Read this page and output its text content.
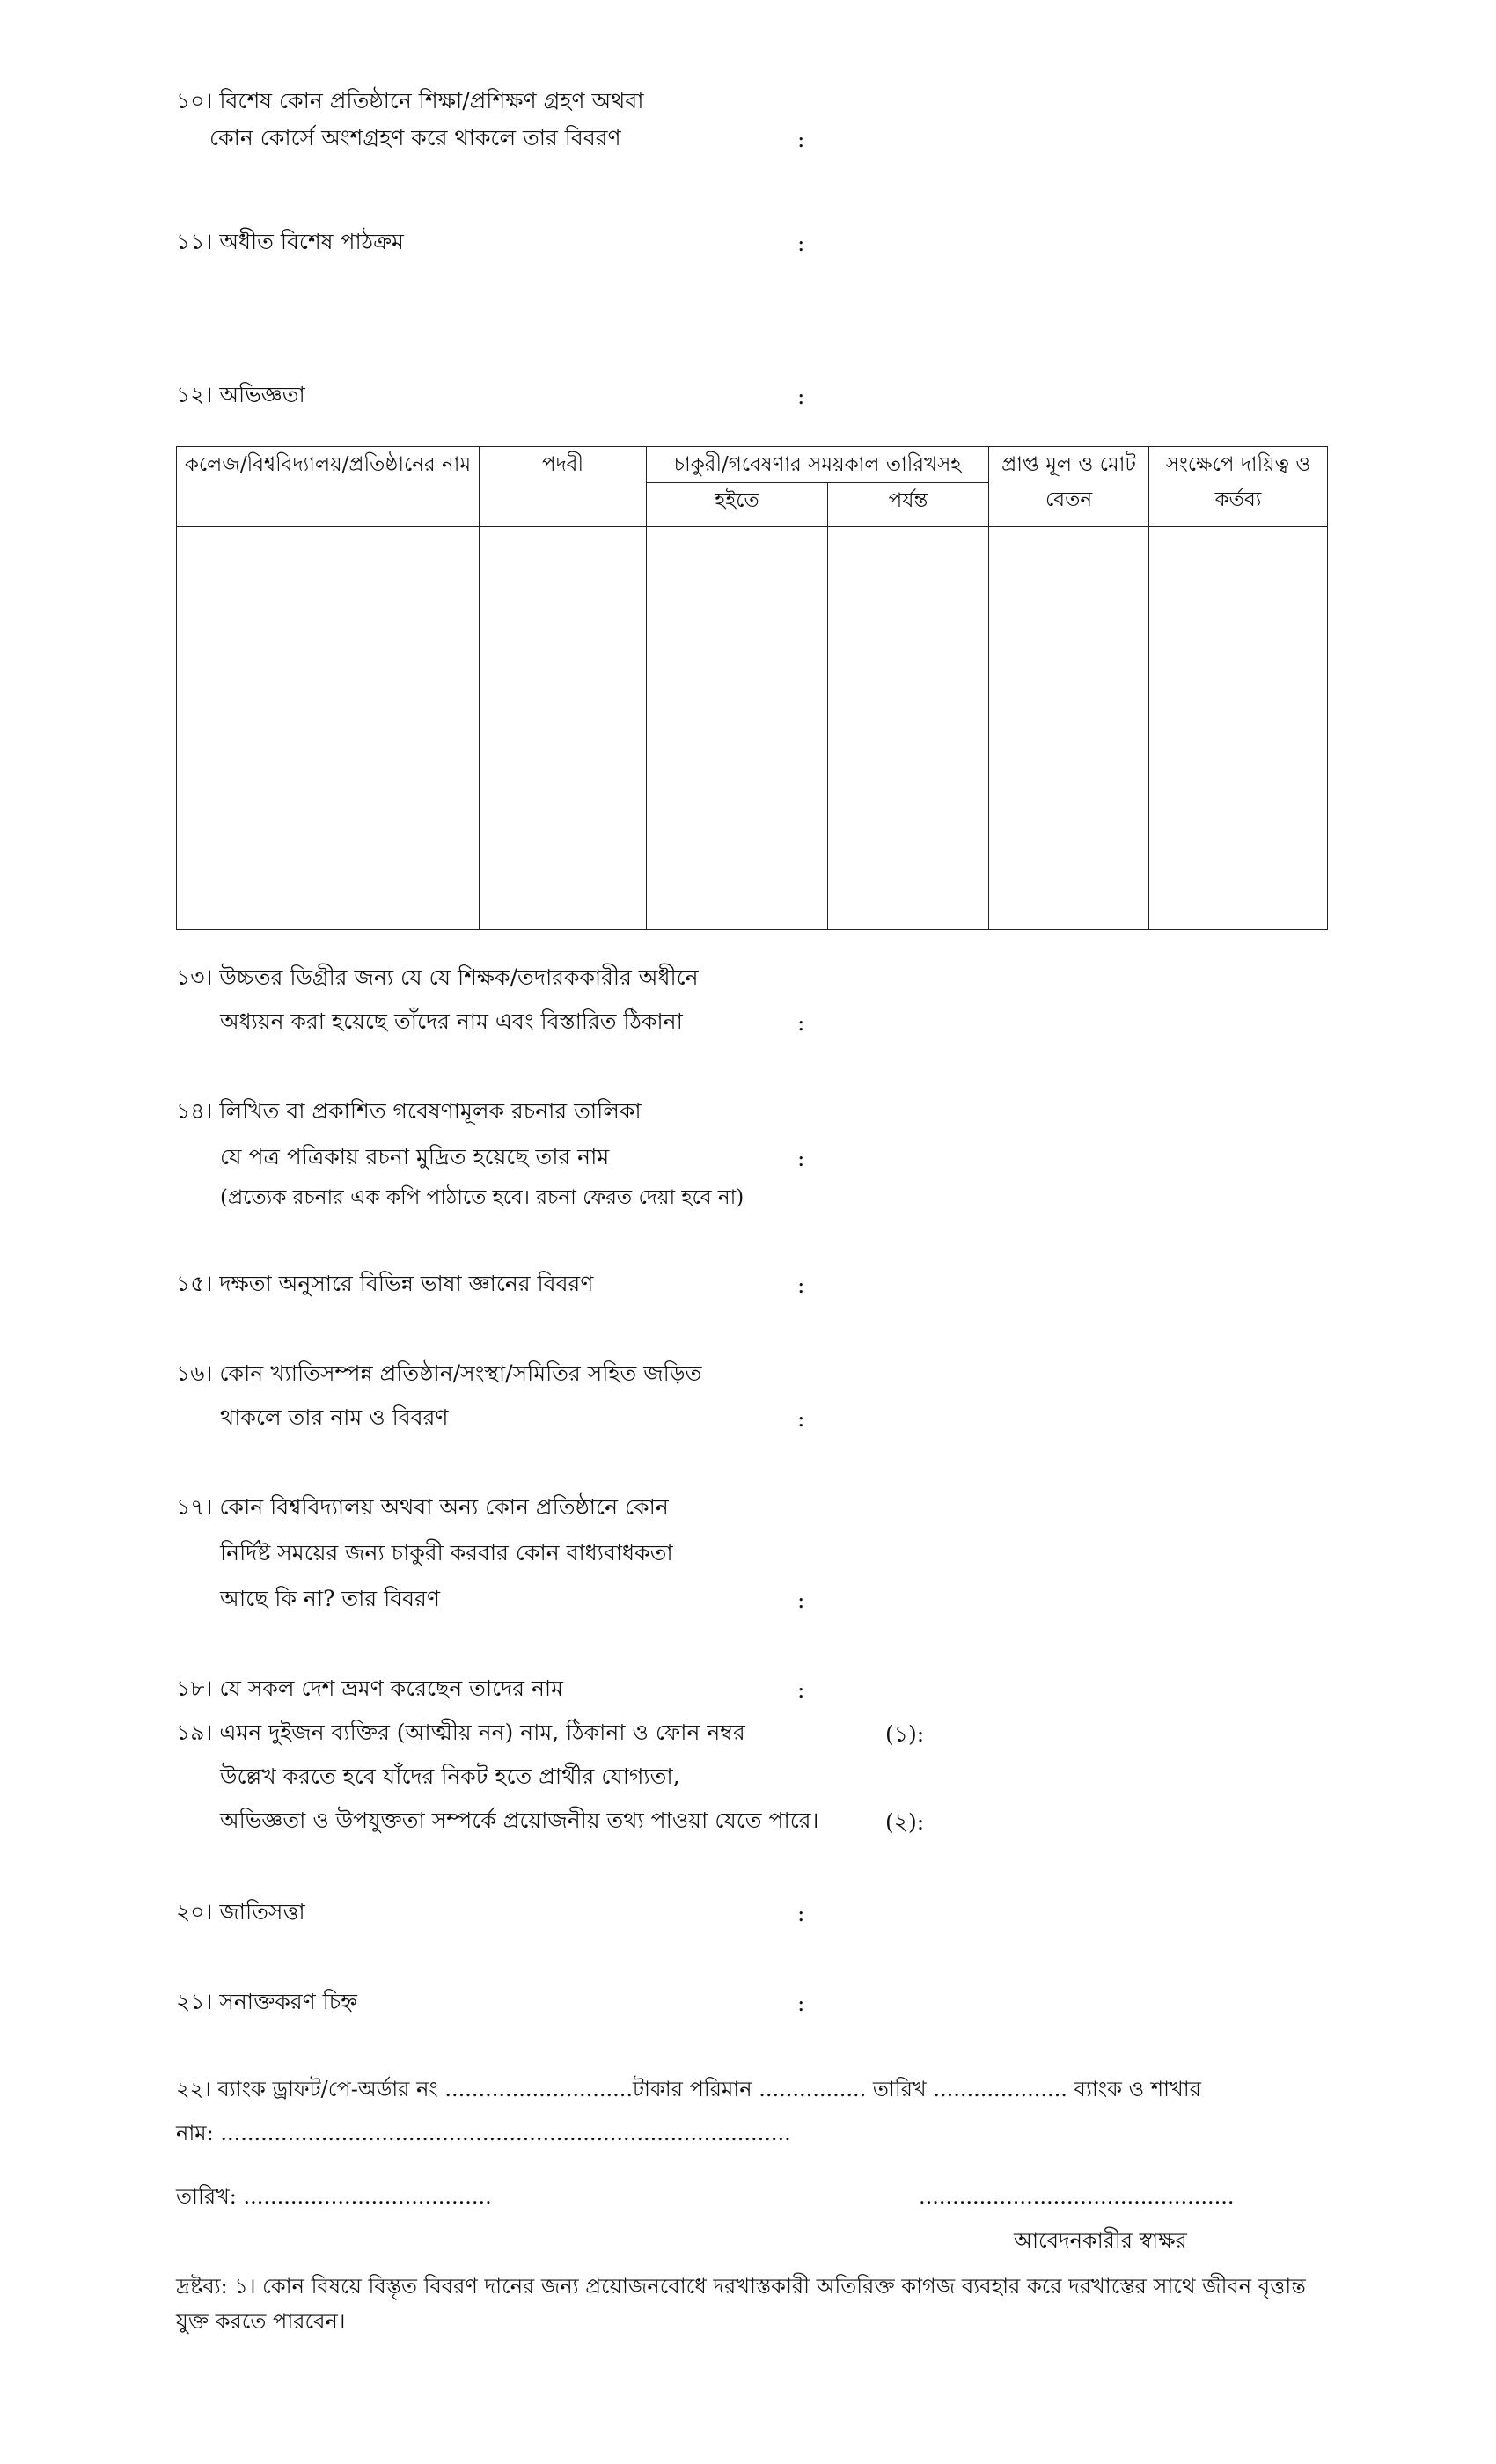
১০। বিশেষ কোন প্রতিষ্ঠানে শিক্ষা/প্রশিক্ষণ গ্রহণ অথবা
কোন কোর্সে অংশগ্রহণ করে থাকলে তার বিবরণ	:
১১। অধীত বিশেষ পাঠক্রম	:
১২। অভিজ্ঞতা	:
কলেজ/বিশ্ববিদ্যালয়/প্রতিষ্ঠানের নাম	পদবী	চাকুরী/গবেষণার সময়কাল তারিখসহ		প্রাপ্ত মূল ও মোট বেতন	সংক্ষেপে দায়িত্ব ও কর্তব্য
		হইতে	পর্যন্ত		

১৩। উচ্চতর ডিগ্রীর জন্য যে যে শিক্ষক/তদারককারীর অধীনে
অধ্যয়ন করা হয়েছে তাঁদের নাম এবং বিস্তারিত ঠিকানা	:
১৪। লিখিত বা প্রকাশিত গবেষণামূলক রচনার তালিকা
যে পত্র পত্রিকায় রচনা মুদ্রিত হয়েছে তার নাম	:
(প্রত্যেক রচনার এক কপি পাঠাতে হবে। রচনা ফেরত দেয়া হবে না)
১৫। দক্ষতা অনুসারে বিভিন্ন ভাষা জ্ঞানের বিবরণ	:
১৬। কোন খ্যাতিসম্পন্ন প্রতিষ্ঠান/সংস্থা/সমিতির সহিত জড়িত
থাকলে তার নাম ও বিবরণ	:
১৭। কোন বিশ্ববিদ্যালয় অথবা অন্য কোন প্রতিষ্ঠানে কোন
নির্দিষ্ট সময়ের জন্য চাকুরী করবার কোন বাধ্যবাধকতা
আছে কি না? তার বিবরণ	:
১৮। যে সকল দেশ ভ্রমণ করেছেন তাদের নাম	:
১৯। এমন দুইজন ব্যক্তির (আত্মীয় নন) নাম, ঠিকানা ও ফোন নম্বর	(১):
উল্লেখ করতে হবে যাঁদের নিকট হতে প্রার্থীর যোগ্যতা,
অভিজ্ঞতা ও উপযুক্ততা সম্পর্কে প্রয়োজনীয় তথ্য পাওয়া যেতে পারে।	(২):
২০। জাতিসত্তা	:
২১। সনাক্তকরণ চিহ্ন	:
২২। ব্যাংক ড্রাফট/পে-অর্ডার নং ............................টাকার পরিমান ................ তারিখ .................... ব্যাংক ও শাখার
নাম: .....................................................................................
তারিখ: .....................................	...............................................
আবেদনকারীর স্বাক্ষর
দ্রষ্টব্য: ১। কোন বিষয়ে বিস্তৃত বিবরণ দানের জন্য প্রয়োজনবোধে দরখাস্তকারী অতিরিক্ত কাগজ ব্যবহার করে দরখাস্তের সাথে জীবন বৃত্তান্ত যুক্ত করতে পারবেন।
